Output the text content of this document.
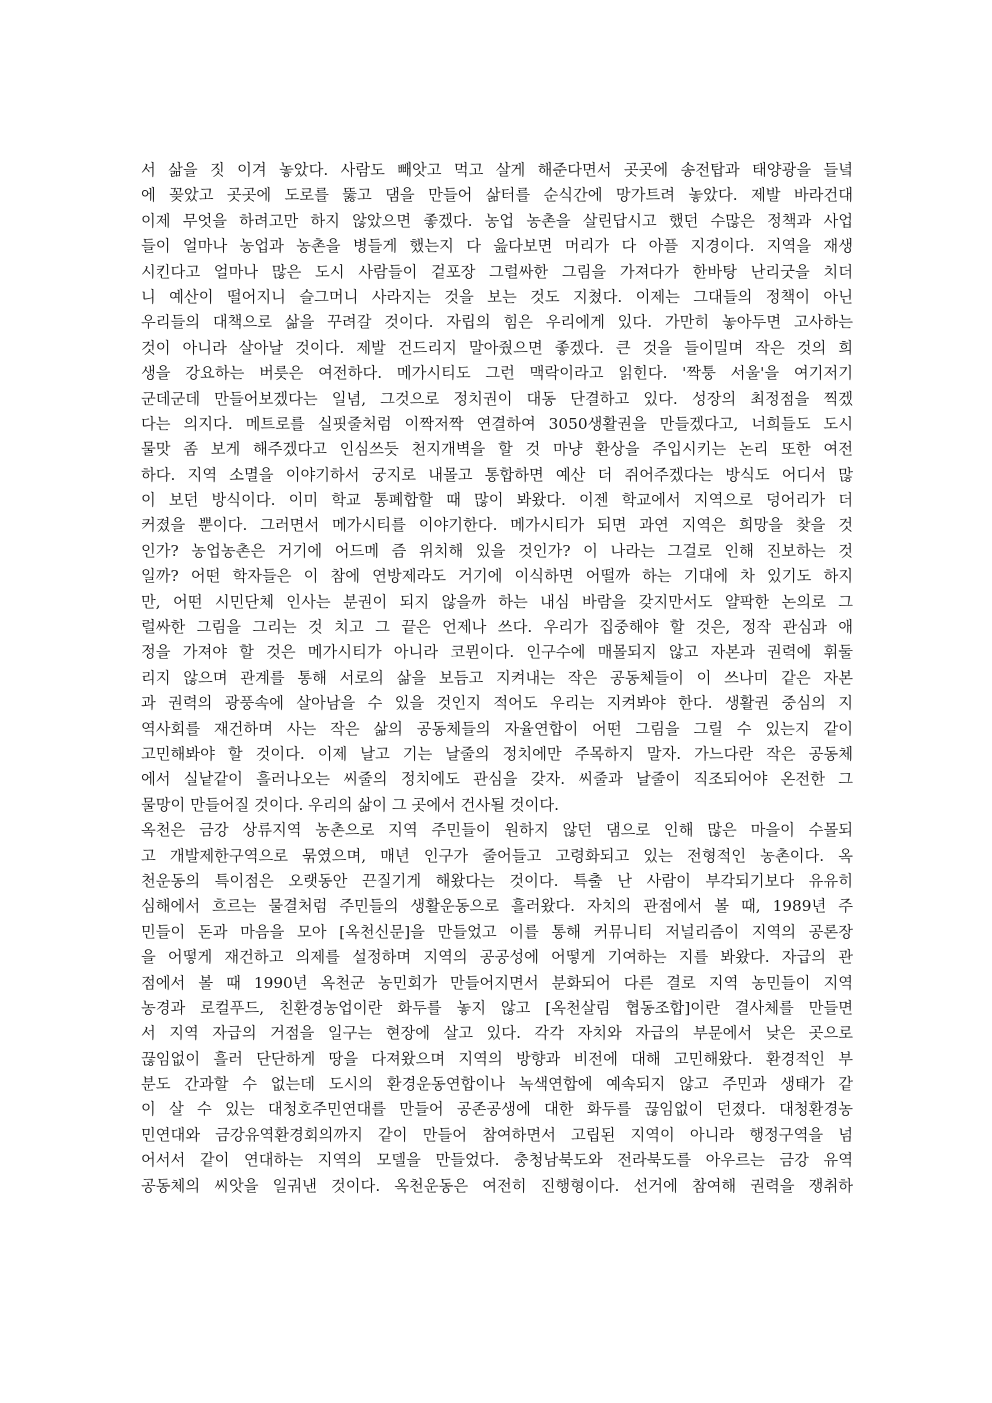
서 삶을 짓 이겨 놓았다. 사람도 빼앗고 먹고 살게 해준다면서 곳곳에 송전탑과 태양광을 들녘
에 꽂았고 곳곳에 도로를 뚫고 댐을 만들어 삶터를 순식간에 망가트려 놓았다. 제발 바라건대
이제 무엇을 하려고만 하지 않았으면 좋겠다. 농업 농촌을 살린답시고 했던 수많은 정책과 사업
들이 얼마나 농업과 농촌을 병들게 했는지 다 읊다보면 머리가 다 아플 지경이다. 지역을 재생
시킨다고 얼마나 많은 도시 사람들이 겉포장 그럴싸한 그림을 가져다가 한바탕 난리굿을 치더
니 예산이 떨어지니 슬그머니 사라지는 것을 보는 것도 지쳤다. 이제는 그대들의 정책이 아닌
우리들의 대책으로 삶을 꾸려갈 것이다. 자립의 힘은 우리에게 있다. 가만히 놓아두면 고사하는
것이 아니라 살아날 것이다. 제발 건드리지 말아줬으면 좋겠다. 큰 것을 들이밀며 작은 것의 희
생을 강요하는 버릇은 여전하다. 메가시티도 그런 맥락이라고 읽힌다. '짝퉁 서울'을 여기저기
군데군데 만들어보겠다는 일념, 그것으로 정치권이 대동 단결하고 있다. 성장의 최정점을 찍겠
다는 의지다. 메트로를 실핏줄처럼 이짝저짝 연결하여 3050생활권을 만들겠다고, 너희들도 도시
물맛 좀 보게 해주겠다고 인심쓰듯 천지개벽을 할 것 마냥 환상을 주입시키는 논리 또한 여전
하다. 지역 소멸을 이야기하서 궁지로 내몰고 통합하면 예산 더 쥐어주겠다는 방식도 어디서 많
이 보던 방식이다. 이미 학교 통폐합할 때 많이 봐왔다. 이젠 학교에서 지역으로 덩어리가 더
커졌을 뿐이다. 그러면서 메가시티를 이야기한다. 메가시티가 되면 과연 지역은 희망을 찾을 것
인가? 농업농촌은 거기에 어드메 즘 위치해 있을 것인가? 이 나라는 그걸로 인해 진보하는 것
일까? 어떤 학자들은 이 참에 연방제라도 거기에 이식하면 어떨까 하는 기대에 차 있기도 하지
만, 어떤 시민단체 인사는 분권이 되지 않을까 하는 내심 바람을 갖지만서도 얄팍한 논의로 그
럴싸한 그림을 그리는 것 치고 그 끝은 언제나 쓰다. 우리가 집중해야 할 것은, 정작 관심과 애
정을 가져야 할 것은 메가시티가 아니라 코뮌이다. 인구수에 매몰되지 않고 자본과 권력에 휘둘
리지 않으며 관계를 통해 서로의 삶을 보듬고 지켜내는 작은 공동체들이 이 쓰나미 같은 자본
과 권력의 광풍속에 살아남을 수 있을 것인지 적어도 우리는 지켜봐야 한다. 생활권 중심의 지
역사회를 재건하며 사는 작은 삶의 공동체들의 자율연합이 어떤 그림을 그릴 수 있는지 같이
고민해봐야 할 것이다. 이제 날고 기는 날줄의 정치에만 주목하지 말자. 가느다란 작은 공동체
에서 실낱같이 흘러나오는 씨줄의 정치에도 관심을 갖자. 씨줄과 날줄이 직조되어야 온전한 그
물망이 만들어질 것이다. 우리의 삶이 그 곳에서 건사될 것이다.
옥천은 금강 상류지역 농촌으로 지역 주민들이 원하지 않던 댐으로 인해 많은 마을이 수몰되
고 개발제한구역으로 묶였으며, 매년 인구가 줄어들고 고령화되고 있는 전형적인 농촌이다. 옥
천운동의 특이점은 오랫동안 끈질기게 해왔다는 것이다. 특출 난 사람이 부각되기보다 유유히
심해에서 흐르는 물결처럼 주민들의 생활운동으로 흘러왔다. 자치의 관점에서 볼 때, 1989년 주
민들이 돈과 마음을 모아 [옥천신문]을 만들었고 이를 통해 커뮤니티 저널리즘이 지역의 공론장
을 어떻게 재건하고 의제를 설정하며 지역의 공공성에 어떻게 기여하는 지를 봐왔다. 자급의 관
점에서 볼 때 1990년 옥천군 농민회가 만들어지면서 분화되어 다른 결로 지역 농민들이 지역
농경과 로컬푸드, 친환경농업이란 화두를 놓지 않고 [옥천살림 협동조합]이란 결사체를 만들면
서 지역 자급의 거점을 일구는 현장에 살고 있다. 각각 자치와 자급의 부문에서 낮은 곳으로
끊임없이 흘러 단단하게 땅을 다져왔으며 지역의 방향과 비전에 대해 고민해왔다. 환경적인 부
분도 간과할 수 없는데 도시의 환경운동연합이나 녹색연합에 예속되지 않고 주민과 생태가 같
이 살 수 있는 대청호주민연대를 만들어 공존공생에 대한 화두를 끊임없이 던졌다. 대청환경농
민연대와 금강유역환경회의까지 같이 만들어 참여하면서 고립된 지역이 아니라 행정구역을 넘
어서서 같이 연대하는 지역의 모델을 만들었다. 충청남북도와 전라북도를 아우르는 금강 유역
공동체의 씨앗을 일궈낸 것이다. 옥천운동은 여전히 진행형이다. 선거에 참여해 권력을 쟁취하
